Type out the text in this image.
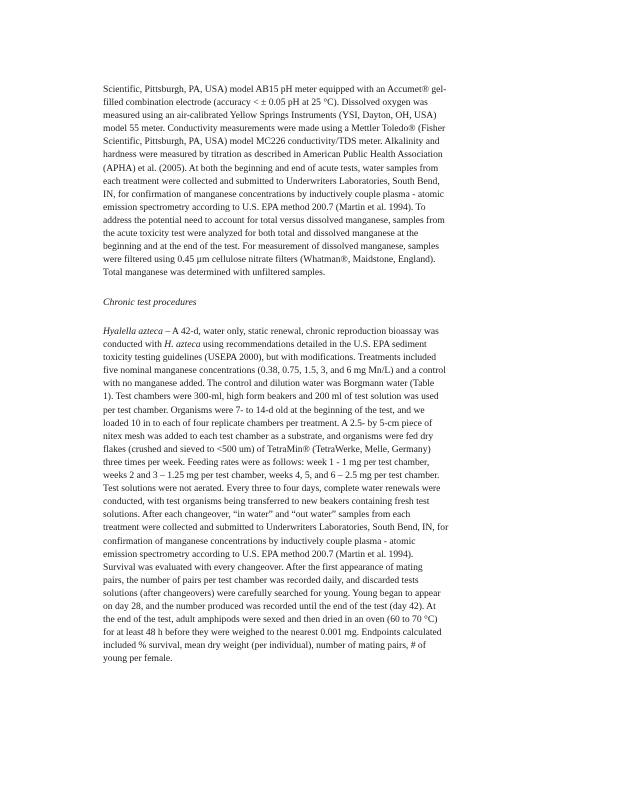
Scientific, Pittsburgh, PA, USA) model AB15 pH meter equipped with an Accumet® gel-
filled combination electrode (accuracy < ± 0.05 pH at 25 °C). Dissolved oxygen was
measured using an air-calibrated Yellow Springs Instruments (YSI, Dayton, OH, USA)
model 55 meter. Conductivity measurements were made using a Mettler Toledo® (Fisher
Scientific, Pittsburgh, PA, USA) model MC226 conductivity/TDS meter. Alkalinity and
hardness were measured by titration as described in American Public Health Association
(APHA) et al. (2005). At both the beginning and end of acute tests, water samples from
each treatment were collected and submitted to Underwriters Laboratories, South Bend,
IN, for confirmation of manganese concentrations by inductively couple plasma - atomic
emission spectrometry according to U.S. EPA method 200.7 (Martin et al. 1994). To
address the potential need to account for total versus dissolved manganese, samples from
the acute toxicity test were analyzed for both total and dissolved manganese at the
beginning and at the end of the test. For measurement of dissolved manganese, samples
were filtered using 0.45 µm cellulose nitrate filters (Whatman®, Maidstone, England).
Total manganese was determined with unfiltered samples.
Chronic test procedures
Hyalella azteca – A 42-d, water only, static renewal, chronic reproduction bioassay was
conducted with H. azteca using recommendations detailed in the U.S. EPA sediment
toxicity testing guidelines (USEPA 2000), but with modifications. Treatments included
five nominal manganese concentrations (0.38, 0.75, 1.5, 3, and 6 mg Mn/L) and a control
with no manganese added. The control and dilution water was Borgmann water (Table
1). Test chambers were 300-ml, high form beakers and 200 ml of test solution was used
per test chamber. Organisms were 7- to 14-d old at the beginning of the test, and we
loaded 10 in to each of four replicate chambers per treatment. A 2.5- by 5-cm piece of
nitex mesh was added to each test chamber as a substrate, and organisms were fed dry
flakes (crushed and sieved to <500 um) of TetraMin® (TetraWerke, Melle, Germany)
three times per week. Feeding rates were as follows: week 1 - 1 mg per test chamber,
weeks 2 and 3 – 1.25 mg per test chamber, weeks 4, 5, and 6 – 2.5 mg per test chamber.
Test solutions were not aerated. Every three to four days, complete water renewals were
conducted, with test organisms being transferred to new beakers containing fresh test
solutions. After each changeover, “in water” and “out water” samples from each
treatment were collected and submitted to Underwriters Laboratories, South Bend, IN, for
confirmation of manganese concentrations by inductively couple plasma - atomic
emission spectrometry according to U.S. EPA method 200.7 (Martin et al. 1994).
Survival was evaluated with every changeover. After the first appearance of mating
pairs, the number of pairs per test chamber was recorded daily, and discarded tests
solutions (after changeovers) were carefully searched for young. Young began to appear
on day 28, and the number produced was recorded until the end of the test (day 42). At
the end of the test, adult amphipods were sexed and then dried in an oven (60 to 70 °C)
for at least 48 h before they were weighed to the nearest 0.001 mg. Endpoints calculated
included % survival, mean dry weight (per individual), number of mating pairs, # of
young per female.
